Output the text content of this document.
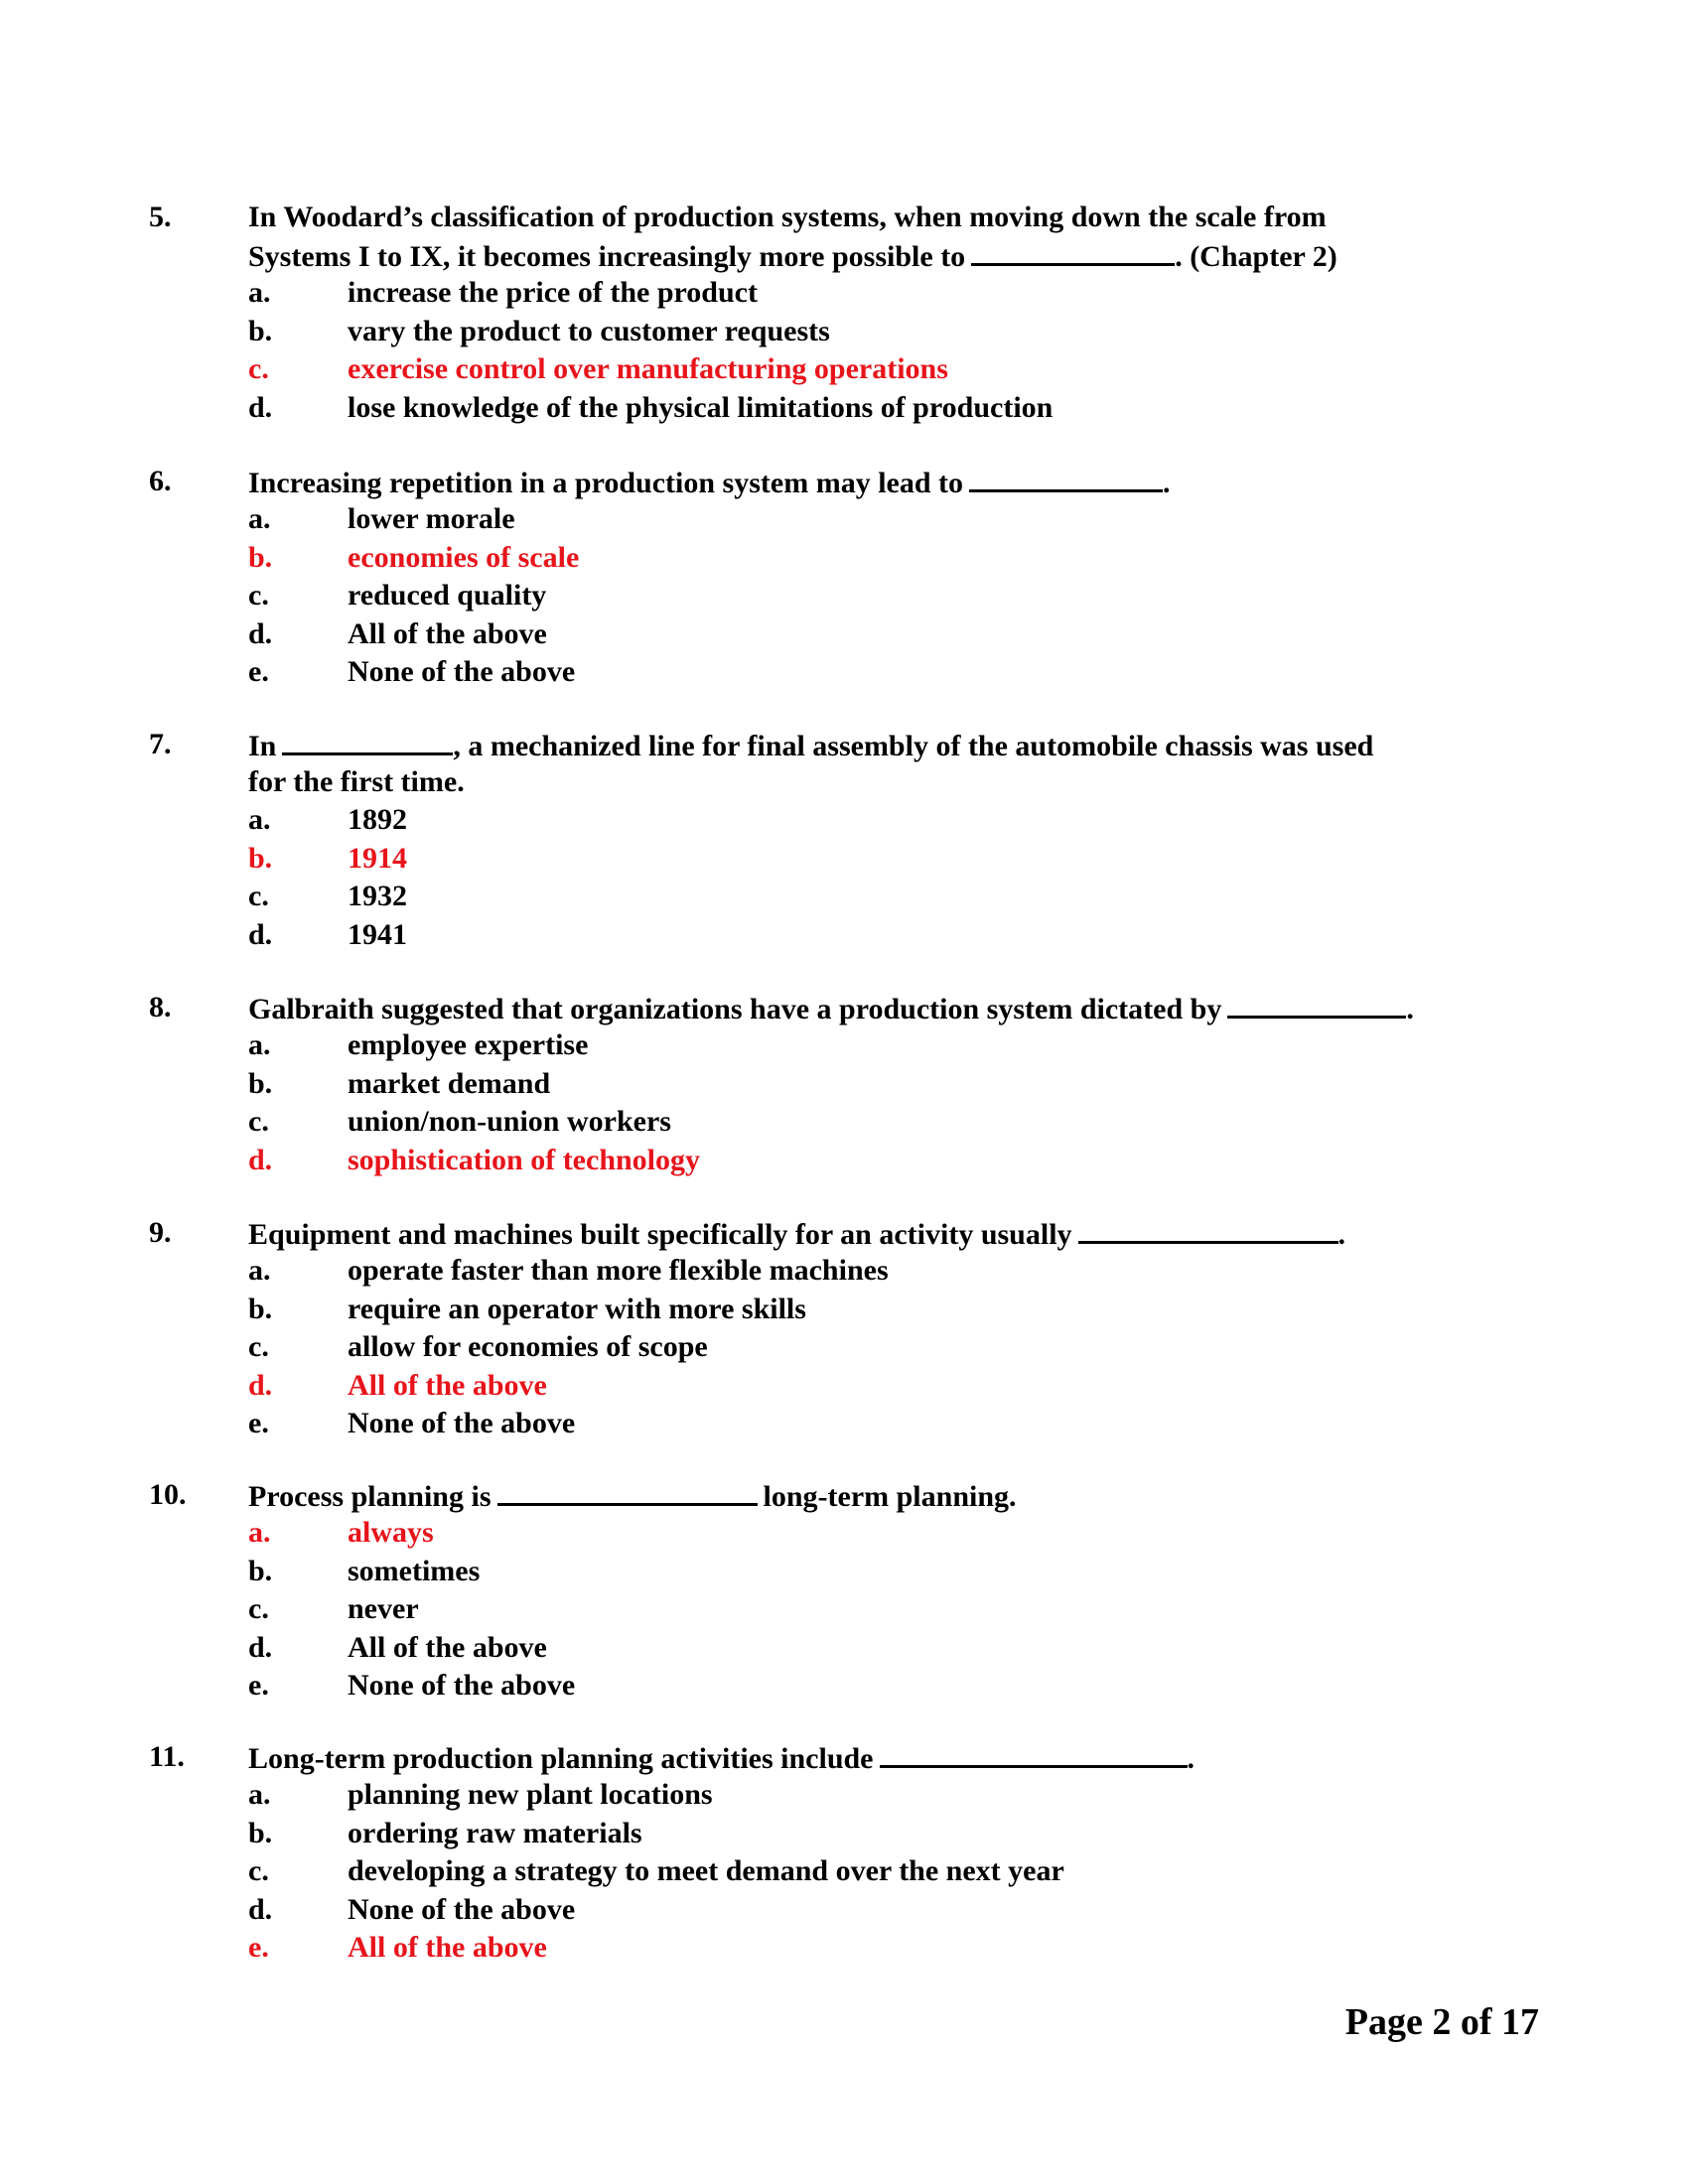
5.	In Woodard’s classification of production systems, when moving down the scale from
Systems I to IX, it becomes increasingly more possible to	. (Chapter 2)
a.	increase the price of the product
b.	vary the product to customer requests
c.	exercise control over manufacturing operations
d.	lose knowledge of the physical limitations of production
6.	Increasing repetition in a production system may lead to	.
a.	lower morale
b.	economies of scale
c.	reduced quality
d.	All of the above
e.	None of the above
7.	In	, a mechanized line for final assembly of the automobile chassis was used
for the first time.
a.	1892
b.	1914
c.	1932
d.	1941
8.	Galbraith suggested that organizations have a production system dictated by	.
a.	employee expertise
b.	market demand
c.	union/non-union workers
d.	sophistication of technology
9.	Equipment and machines built specifically for an activity usually	.
a.	operate faster than more flexible machines
b.	require an operator with more skills
c.	allow for economies of scope
d.	All of the above
e.	None of the above
10. Process planning is	long-term planning.
a.	always
b.	sometimes
c.	never
d.	All of the above
e.	None of the above
11. Long-term production planning activities include	.
a.	planning new plant locations
b.	ordering raw materials
c.	developing a strategy to meet demand over the next year
d.	None of the above
e.	All of the above
Page 2 of 17
